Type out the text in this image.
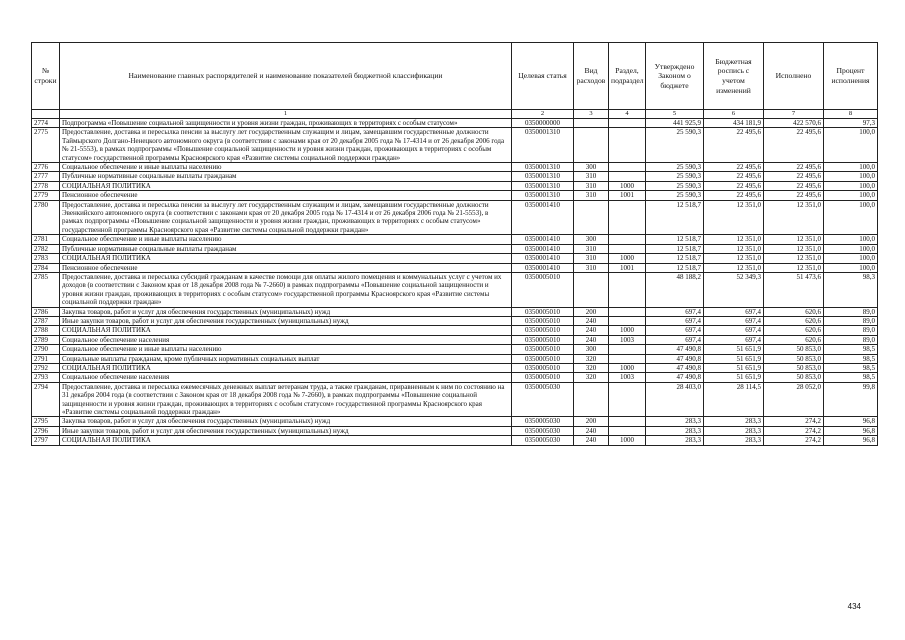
№ строки	Наименование главных распорядителей и наименование показателей бюджетной классификации	Целевая статья	Вид расходов	Раздел, подраздел	Утверждено Законом о бюджете	Бюджетная роспись с учетом изменений	Исполнено	Процент исполнения
	1	2	3	4	5	6	7	8
2774	Подпрограмма «Повышение социальной защищенности и уровня жизни граждан, проживающих в территориях с особым статусом»	0350000000			441 925,9	434 181,9	422 570,6	97,3
2775	Предоставление, доставка и пересылка пенсии за выслугу лет государственным служащим и лицам, замещавшим государственные должности Таймырского Долгано-Ненецкого автономного округа (в соответствии с законами края от 20 декабря 2005 года № 17-4314 и от 26 декабря 2006 года № 21-5553), в рамках подпрограммы «Повышение социальной защищенности и уровня жизни граждан, проживающих в территориях с особым статусом» государственной программы Красноярского края «Развитие системы социальной поддержки граждан»	0350001310			25 590,3	22 495,6	22 495,6	100,0
2776	Социальное обеспечение и иные выплаты населению	0350001310	300		25 590,3	22 495,6	22 495,6	100,0
2777	Публичные нормативные социальные выплаты гражданам	0350001310	310		25 590,3	22 495,6	22 495,6	100,0
2778	СОЦИАЛЬНАЯ ПОЛИТИКА	0350001310	310	1000	25 590,3	22 495,6	22 495,6	100,0
2779	Пенсионное обеспечение	0350001310	310	1001	25 590,3	22 495,6	22 495,6	100,0
2780	Предоставление, доставка и пересылка пенсии за выслугу лет государственным служащим и лицам, замещавшим государственные должности Эвенкийского автономного округа (в соответствии с законами края от 20 декабря 2005 года № 17-4314 и от 26 декабря 2006 года № 21-5553), в рамках подпрограммы «Повышение социальной защищенности и уровня жизни граждан, проживающих в территориях с особым статусом» государственной программы Красноярского края «Развитие системы социальной поддержки граждан»	0350001410			12 518,7	12 351,0	12 351,0	100,0
2781	Социальное обеспечение и иные выплаты населению	0350001410	300		12 518,7	12 351,0	12 351,0	100,0
2782	Публичные нормативные социальные выплаты гражданам	0350001410	310		12 518,7	12 351,0	12 351,0	100,0
2783	СОЦИАЛЬНАЯ ПОЛИТИКА	0350001410	310	1000	12 518,7	12 351,0	12 351,0	100,0
2784	Пенсионное обеспечение	0350001410	310	1001	12 518,7	12 351,0	12 351,0	100,0
2785	Предоставление, доставка и пересылка субсидий гражданам в качестве помощи для оплаты жилого помещения и коммунальных услуг с учетом их доходов (в соответствии с Законом края от 18 декабря 2008 года № 7-2660) в рамках подпрограммы «Повышение социальной защищенности и уровня жизни граждан, проживающих в территориях с особым статусом» государственной программы Красноярского края «Развитие системы социальной поддержки граждан»	0350005010			48 188,2	52 349,3	51 473,6	98,3
2786	Закупка товаров, работ и услуг для обеспечения государственных (муниципальных) нужд	0350005010	200		697,4	697,4	620,6	89,0
2787	Иные закупки товаров, работ и услуг для обеспечения государственных (муниципальных) нужд	0350005010	240		697,4	697,4	620,6	89,0
2788	СОЦИАЛЬНАЯ ПОЛИТИКА	0350005010	240	1000	697,4	697,4	620,6	89,0
2789	Социальное обеспечение населения	0350005010	240	1003	697,4	697,4	620,6	89,0
2790	Социальное обеспечение и иные выплаты населению	0350005010	300		47 490,8	51 651,9	50 853,0	98,5
2791	Социальные выплаты гражданам, кроме публичных нормативных социальных выплат	0350005010	320		47 490,8	51 651,9	50 853,0	98,5
2792	СОЦИАЛЬНАЯ ПОЛИТИКА	0350005010	320	1000	47 490,8	51 651,9	50 853,0	98,5
2793	Социальное обеспечение населения	0350005010	320	1003	47 490,8	51 651,9	50 853,0	98,5
2794	Предоставление, доставка и пересылка ежемесячных денежных выплат ветеранам труда, а также гражданам, приравненным к ним по состоянию на 31 декабря 2004 года (в соответствии с Законом края от 18 декабря 2008 года № 7-2660), в рамках подпрограммы «Повышение социальной защищенности и уровня жизни граждан, проживающих в территориях с особым статусом» государственной программы Красноярского края «Развитие системы социальной поддержки граждан»	0350005030			28 403,0	28 114,5	28 052,0	99,8
2795	Закупка товаров, работ и услуг для обеспечения государственных (муниципальных) нужд	0350005030	200		283,3	283,3	274,2	96,8
2796	Иные закупки товаров, работ и услуг для обеспечения государственных (муниципальных) нужд	0350005030	240		283,3	283,3	274,2	96,8
2797	СОЦИАЛЬНАЯ ПОЛИТИКА	0350005030	240	1000	283,3	283,3	274,2	96,8
434
